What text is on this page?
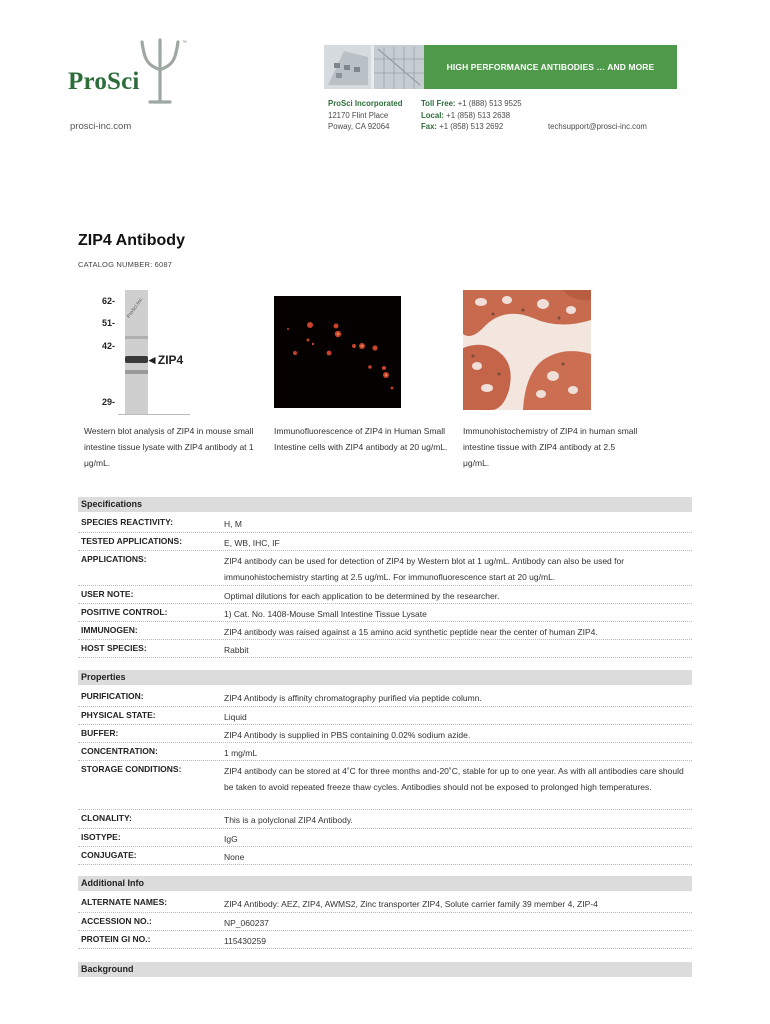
ProSci
™
prosci-inc.com
HIGH PERFORMANCE ANTIBODIES … AND MORE
ProSci Incorporated
12170 Flint Place
Poway, CA 92064
Toll Free: +1 (888) 513 9525
Local: +1 (858) 513 2638
Fax: +1 (858) 513 2692	techsupport@prosci-inc.com
ZIP4 Antibody
CATALOG NUMBER: 6087
ProSci Inc.
62-
51-
42-
29-
◄ZIP4
Western blot analysis of ZIP4 in mouse small intestine tissue lysate with ZIP4 antibody at 1 μg/mL.
Immunofluorescence of ZIP4 in Human Small Intestine cells with ZIP4 antibody at 20 ug/mL.
Immunohistochemistry of ZIP4 in human small intestine tissue with ZIP4 antibody at 2.5 μg/mL.
Specifications
SPECIES REACTIVITY:	H, M
TESTED APPLICATIONS:	E, WB, IHC, IF
APPLICATIONS:	ZIP4 antibody can be used for detection of ZIP4 by Western blot at 1 ug/mL. Antibody can also be used for immunohistochemistry starting at 2.5 ug/mL. For immunofluorescence start at 20 ug/mL.
USER NOTE:	Optimal dilutions for each application to be determined by the researcher.
POSITIVE CONTROL:	1) Cat. No. 1408-Mouse Small Intestine Tissue Lysate
IMMUNOGEN:	ZIP4 antibody was raised against a 15 amino acid synthetic peptide near the center of human ZIP4.
HOST SPECIES:	Rabbit
Properties
PURIFICATION:	ZIP4 Antibody is affinity chromatography purified via peptide column.
PHYSICAL STATE:	Liquid
BUFFER:	ZIP4 Antibody is supplied in PBS containing 0.02% sodium azide.
CONCENTRATION:	1 mg/mL
STORAGE CONDITIONS:	ZIP4 antibody can be stored at 4˚C for three months and-20˚C, stable for up to one year. As with all antibodies care should be taken to avoid repeated freeze thaw cycles. Antibodies should not be exposed to prolonged high temperatures.
CLONALITY:	This is a polyclonal ZIP4 Antibody.
ISOTYPE:	IgG
CONJUGATE:	None
Additional Info
ALTERNATE NAMES:	ZIP4 Antibody: AEZ, ZIP4, AWMS2, Zinc transporter ZIP4, Solute carrier family 39 member 4, ZIP-4
ACCESSION NO.:	NP_060237
PROTEIN GI NO.:	115430259
Background
